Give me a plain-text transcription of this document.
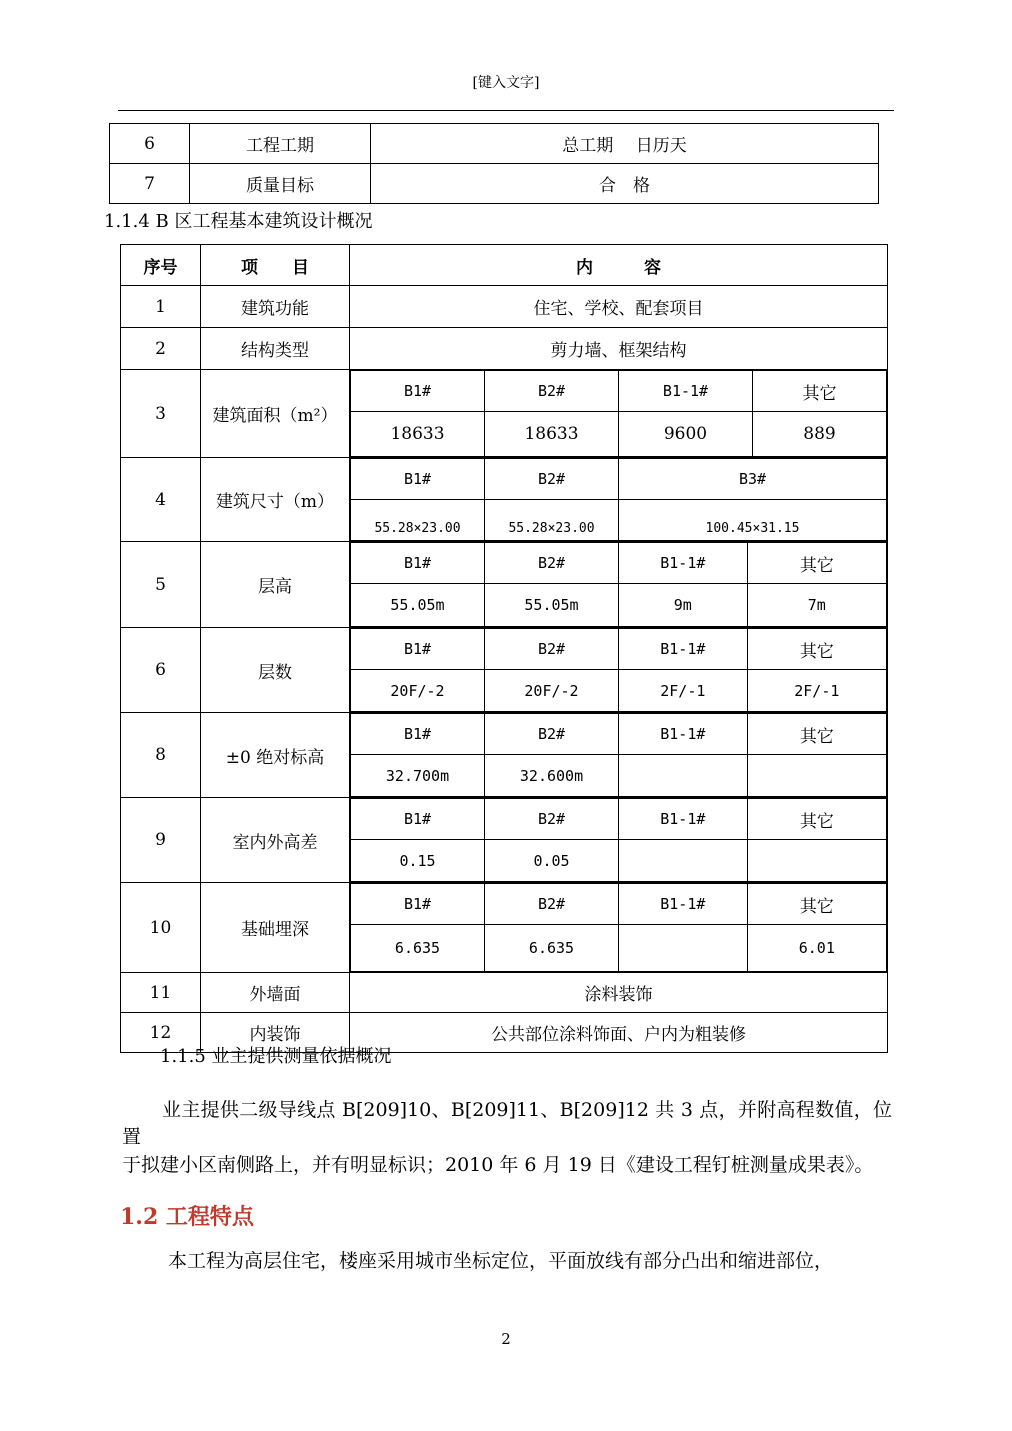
[键入文字]
6	工程工期	总工期　 日历天
7	质量目标	合　格
1.1.4 B 区工程基本建筑设计概况
序号	项　　目	内　　　容
1	建筑功能	住宅、学校、配套项目
2	结构类型	剪力墙、框架结构
3	建筑面积（m²）	
B1#	B2#	B1-1#	其它
18633	18633	9600	889

4	建筑尺寸（m）	
B1#	B2#	B3#
55.28×23.00	55.28×23.00	100.45×31.15

5	层高	
B1#	B2#	B1-1#	其它
55.05m	55.05m	9m	7m

6	层数	
B1#	B2#	B1-1#	其它
20F/-2	20F/-2	2F/-1	2F/-1

8	±0 绝对标高	
B1#	B2#	B1-1#	其它
32.700m	32.600m		

9	室内外高差	
B1#	B2#	B1-1#	其它
0.15	0.05		

10	基础埋深	
B1#	B2#	B1-1#	其它
6.635	6.635		6.01

11	外墙面	涂料装饰
12	内装饰	公共部位涂料饰面、户内为粗装修
1.1.5 业主提供测量依据概况
业主提供二级导线点 B[209]10、B[209]11、B[209]12 共 3 点，并附高程数值，位置
于拟建小区南侧路上，并有明显标识；2010 年 6 月 19 日《建设工程钉桩测量成果表》。
1.2 工程特点
本工程为高层住宅，楼座采用城市坐标定位，平面放线有部分凸出和缩进部位，
2
